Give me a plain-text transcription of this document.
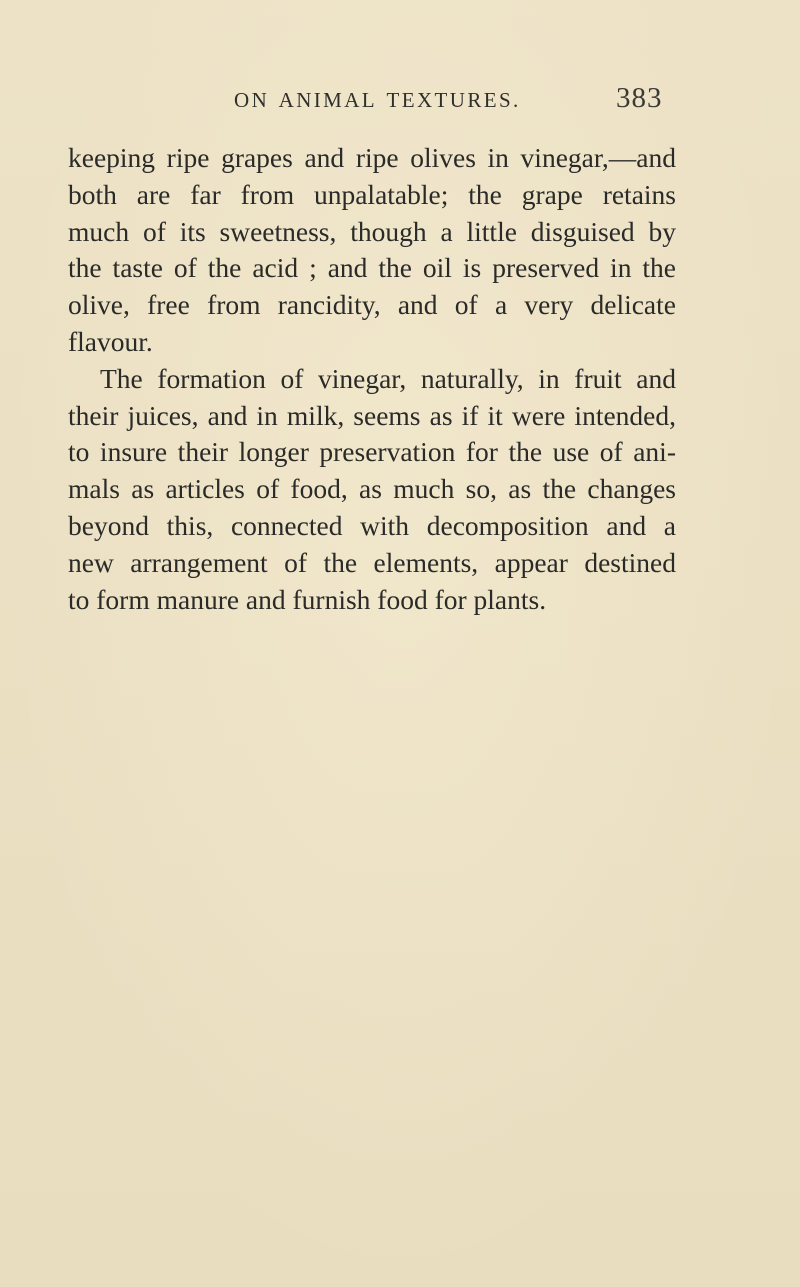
ON ANIMAL TEXTURES.	383
keeping ripe grapes and ripe olives in vinegar,—and
both are far from unpalatable; the grape retains
much of its sweetness, though a little disguised by
the taste of the acid ; and the oil is preserved in the
olive, free from rancidity, and of a very delicate
flavour.
The formation of vinegar, naturally, in fruit and
their juices, and in milk, seems as if it were intended,
to insure their longer preservation for the use of ani-
mals as articles of food, as much so, as the changes
beyond this, connected with decomposition and a
new arrangement of the elements, appear destined
to form manure and furnish food for plants.
